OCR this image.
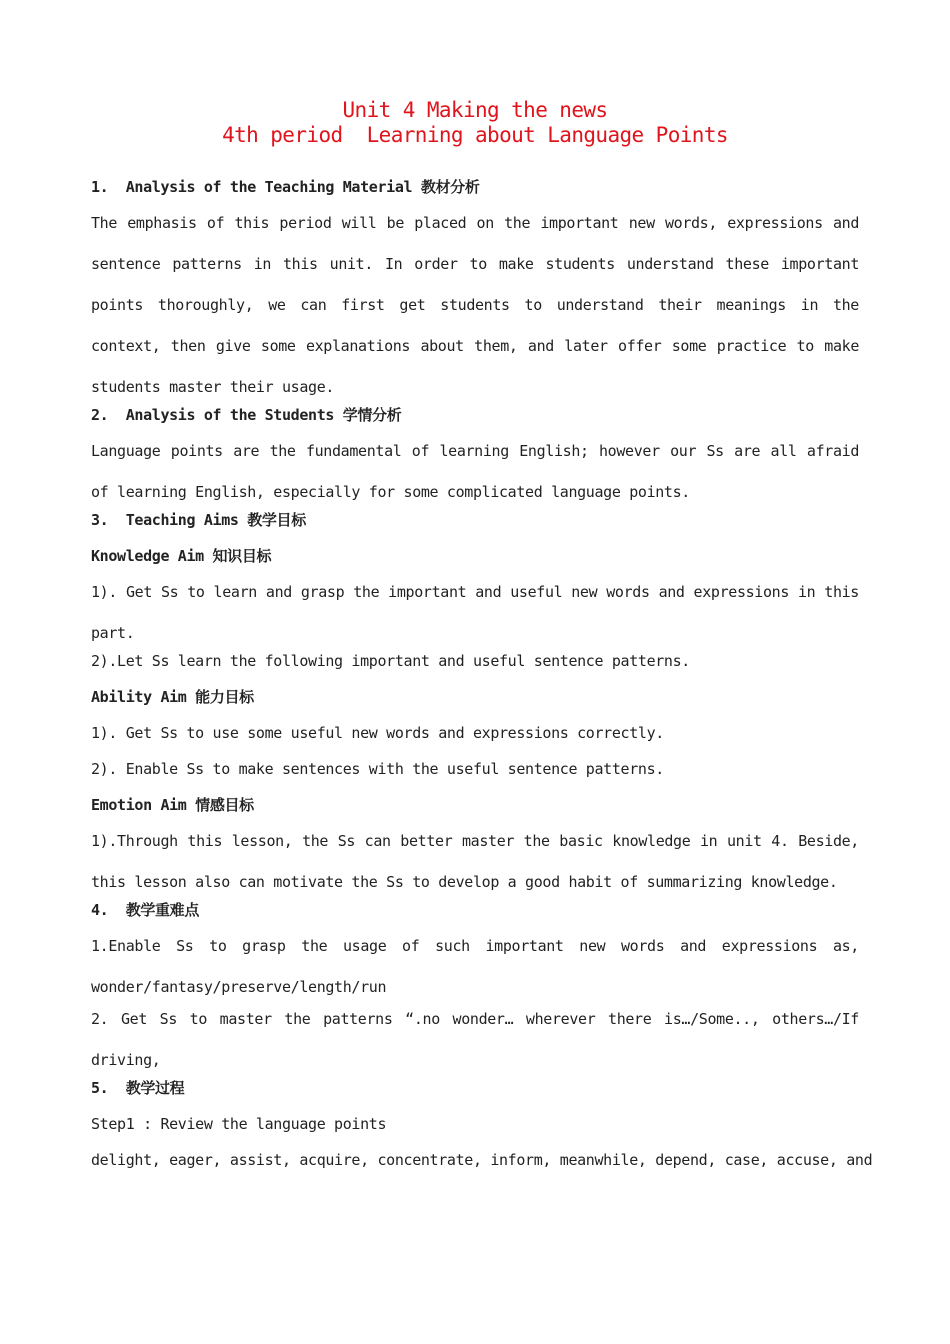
Unit 4 Making the news
4th period  Learning about Language Points
1.  Analysis of the Teaching Material 教材分析
The emphasis of this period will be placed on the important new words, expressions and sentence patterns in this unit. In order to make students understand these important points thoroughly, we can first get students to understand their meanings in the context, then give some explanations about them, and later offer some practice to make students master their usage.
2.  Analysis of the Students 学情分析
Language points are the fundamental of learning English; however our Ss are all afraid of learning English, especially for some complicated language points.
3.  Teaching Aims 教学目标
Knowledge Aim 知识目标
1). Get Ss to learn and grasp the important and useful new words and expressions in this part.
2).Let Ss learn the following important and useful sentence patterns.
Ability Aim 能力目标
1). Get Ss to use some useful new words and expressions correctly.
2). Enable Ss to make sentences with the useful sentence patterns.
Emotion Aim 情感目标
1).Through this lesson, the Ss can better master the basic knowledge in unit 4. Beside, this lesson also can motivate the Ss to develop a good habit of summarizing knowledge.
4.  教学重难点
1.Enable Ss to grasp the usage of such important new words and expressions as, wonder/fantasy/preserve/length/run
2. Get Ss to master the patterns “.no wonder… wherever there is…/Some.., others…/If driving,
5.  教学过程
Step1 : Review the language points
delight, eager, assist, acquire, concentrate, inform, meanwhile, depend, case, accuse, and
